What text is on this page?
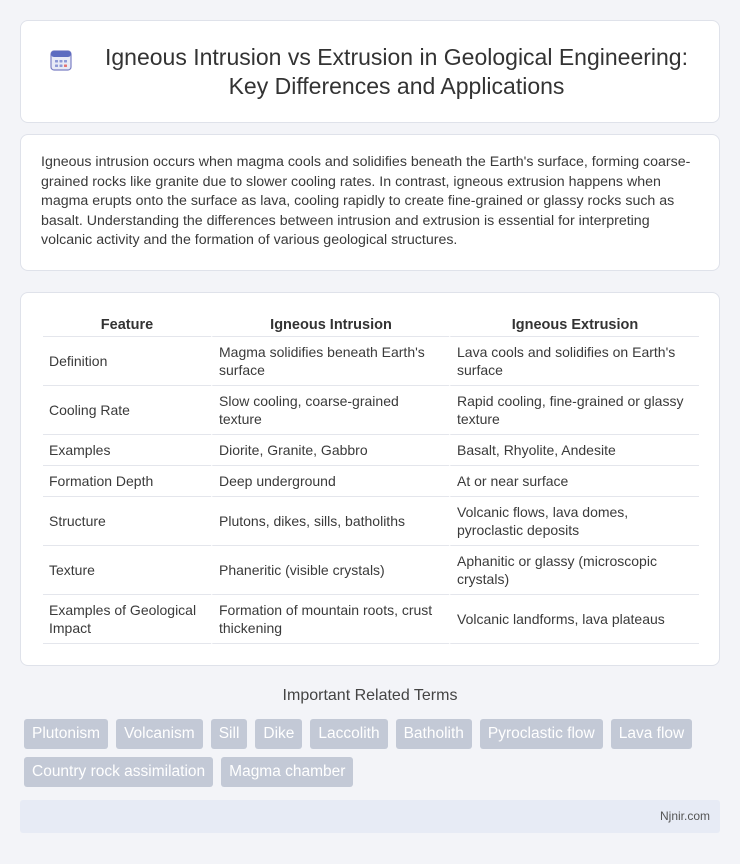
Igneous Intrusion vs Extrusion in Geological Engineering: Key Differences and Applications

Igneous intrusion occurs when magma cools and solidifies beneath the Earth's surface, forming coarse-grained rocks like granite due to slower cooling rates. In contrast, igneous extrusion happens when magma erupts onto the surface as lava, cooling rapidly to create fine-grained or glassy rocks such as basalt. Understanding the differences between intrusion and extrusion is essential for interpreting volcanic activity and the formation of various geological structures.

Feature	Igneous Intrusion	Igneous Extrusion
Definition	Magma solidifies beneath Earth's surface	Lava cools and solidifies on Earth's surface
Cooling Rate	Slow cooling, coarse-grained texture	Rapid cooling, fine-grained or glassy texture
Examples	Diorite, Granite, Gabbro	Basalt, Rhyolite, Andesite
Formation Depth	Deep underground	At or near surface
Structure	Plutons, dikes, sills, batholiths	Volcanic flows, lava domes, pyroclastic deposits
Texture	Phaneritic (visible crystals)	Aphanitic or glassy (microscopic crystals)
Examples of Geological Impact	Formation of mountain roots, crust thickening	Volcanic landforms, lava plateaus
Important Related Terms
Plutonism	Volcanism	Sill	Dike	Laccolith	Batholith	Pyroclastic flow	Lava flow
Country rock assimilation	Magma chamber
Njnir.com
